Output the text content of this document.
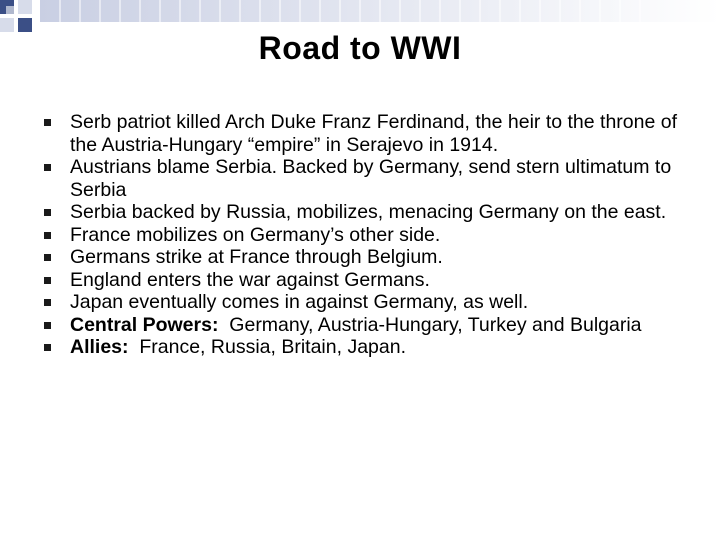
Road to WWI
Serb patriot killed Arch Duke Franz Ferdinand, the heir to the throne of the Austria-Hungary “empire” in Serajevo in 1914.
Austrians blame Serbia. Backed by Germany, send stern ultimatum to Serbia
Serbia backed by Russia, mobilizes, menacing Germany on the east.
France mobilizes on Germany’s other side.
Germans strike at France through Belgium.
England enters the war against Germans.
Japan eventually comes in against Germany, as well.
Central Powers:  Germany, Austria-Hungary, Turkey and Bulgaria
Allies:  France, Russia, Britain, Japan.
